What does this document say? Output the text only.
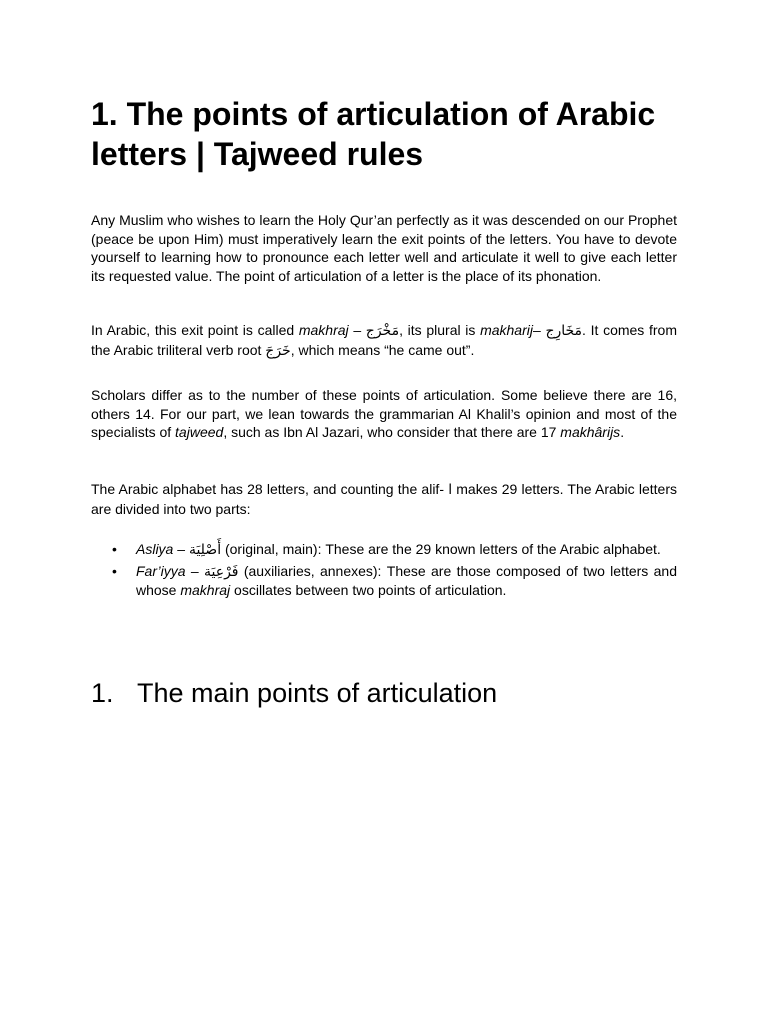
1. The points of articulation of Arabic letters | Tajweed rules

Any Muslim who wishes to learn the Holy Qur’an perfectly as it was descended on our Prophet (peace be upon Him) must imperatively learn the exit points of the letters. You have to devote yourself to learning how to pronounce each letter well and articulate it well to give each letter its requested value. The point of articulation of a letter is the place of its phonation.

In Arabic, this exit point is called makhraj – مَخْرَج, its plural is makharij– مَخَارِج. It comes from the Arabic triliteral verb root خَرَجَ, which means “he came out”.

Scholars differ as to the number of these points of articulation. Some believe there are 16, others 14. For our part, we lean towards the grammarian Al Khalil’s opinion and most of the specialists of tajweed, such as Ibn Al Jazari, who consider that there are 17 makhârijs.

The Arabic alphabet has 28 letters, and counting the alif- ا makes 29 letters. The Arabic letters are divided into two parts:

• Asliya – أَصْلِيَة (original, main): These are the 29 known letters of the Arabic alphabet.
• Far’iyya – فَرْعِيَة (auxiliaries, annexes): These are those composed of two letters and whose makhraj oscillates between two points of articulation.
1. The main points of articulation
